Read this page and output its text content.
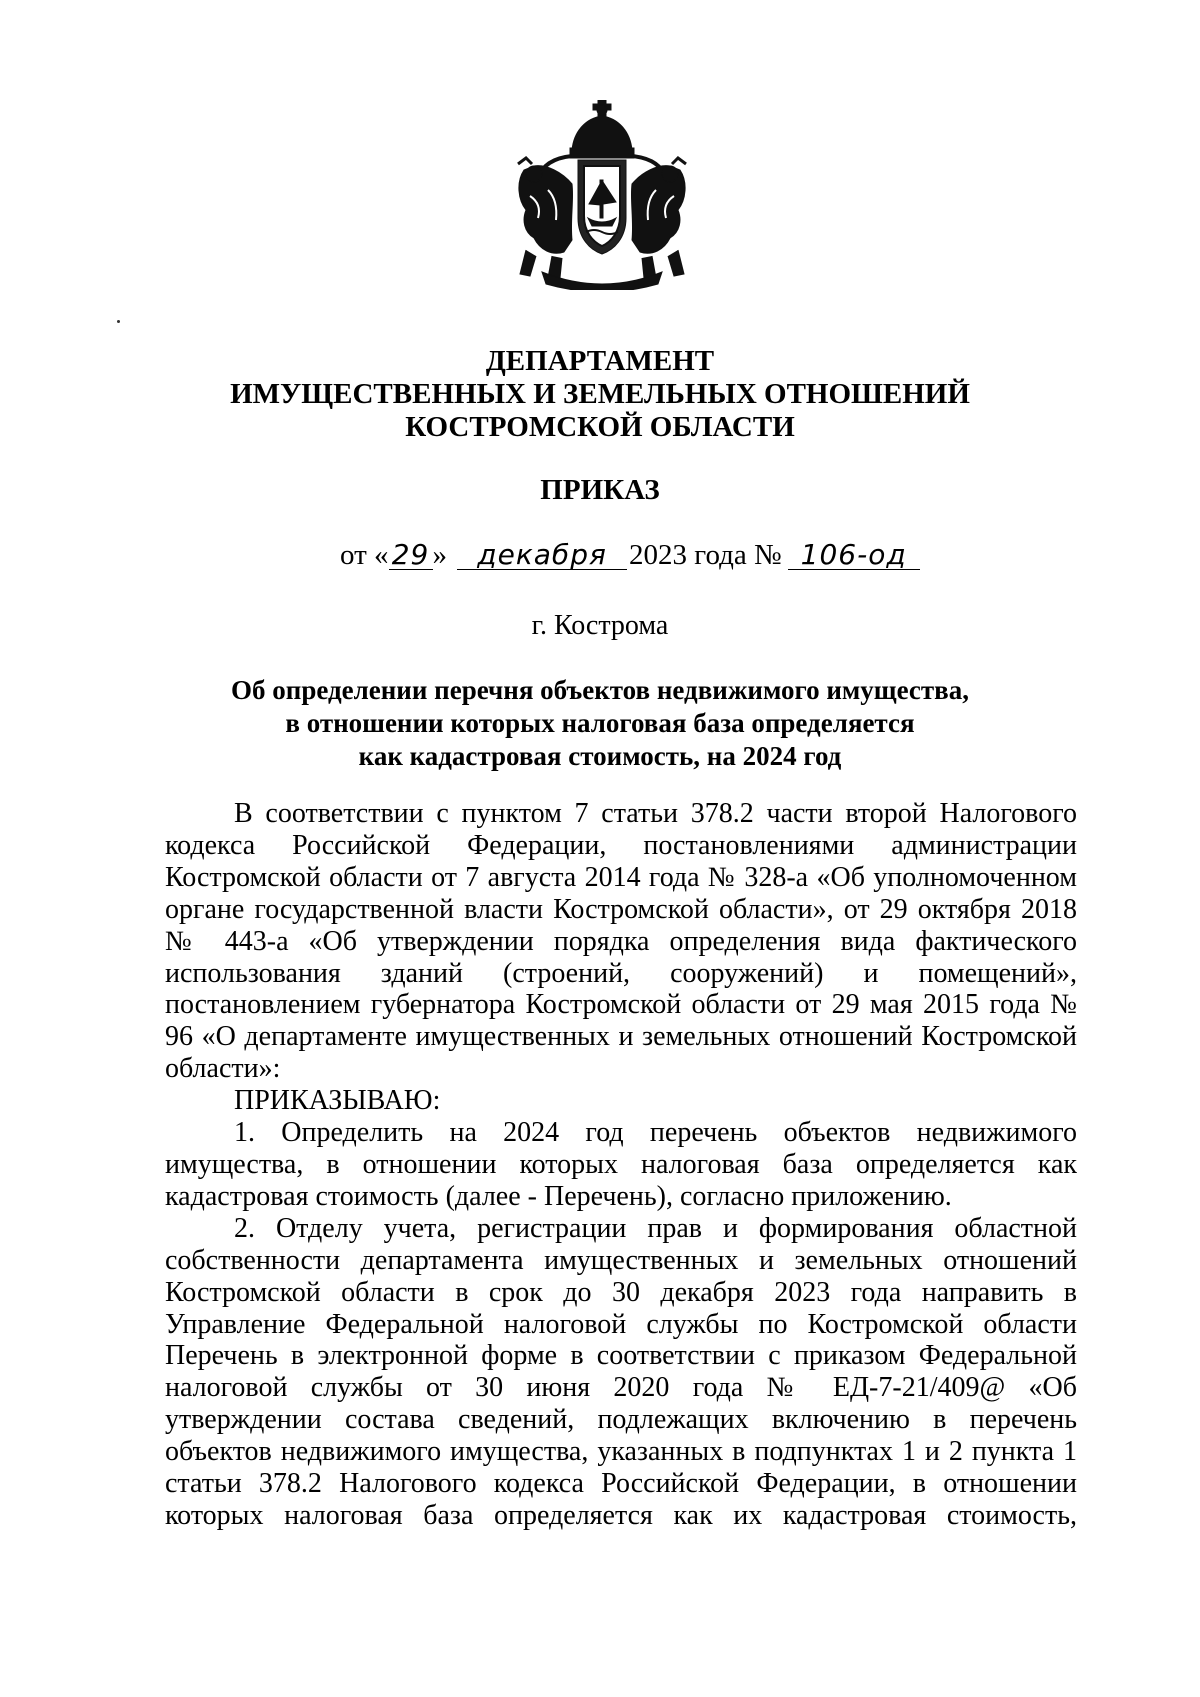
ДЕПАРТАМЕНТ
ИМУЩЕСТВЕННЫХ И ЗЕМЕЛЬНЫХ ОТНОШЕНИЙ
КОСТРОМСКОЙ ОБЛАСТИ
ПРИКАЗ
от « 29 » декабря 2023 года № 106-од
г. Кострома
Об определении перечня объектов недвижимого имущества,
в отношении которых налоговая база определяется
как кадастровая стоимость, на 2024 год

В соответствии с пунктом 7 статьи 378.2 части второй Налогового кодекса Российской Федерации, постановлениями администрации Костромской области от 7 августа 2014 года № 328-а «Об уполномоченном органе государственной власти Костромской области», от 29 октября 2018 № 443-а «Об утверждении порядка определения вида фактического использования зданий (строений, сооружений) и помещений», постановлением губернатора Костромской области от 29 мая 2015 года № 96 «О департаменте имущественных и земельных отношений Костромской области»:

ПРИКАЗЫВАЮ:

1. Определить на 2024 год перечень объектов недвижимого имущества, в отношении которых налоговая база определяется как кадастровая стоимость (далее - Перечень), согласно приложению.

2. Отделу учета, регистрации прав и формирования областной собственности департамента имущественных и земельных отношений Костромской области в срок до 30 декабря 2023 года направить в Управление Федеральной налоговой службы по Костромской области Перечень в электронной форме в соответствии с приказом Федеральной налоговой службы от 30 июня 2020 года № ЕД-7-21/409@ «Об утверждении состава сведений, подлежащих включению в перечень объектов недвижимого имущества, указанных в подпунктах 1 и 2 пункта 1 статьи 378.2 Налогового кодекса Российской Федерации, в отношении которых налоговая база определяется как их кадастровая стоимость,
